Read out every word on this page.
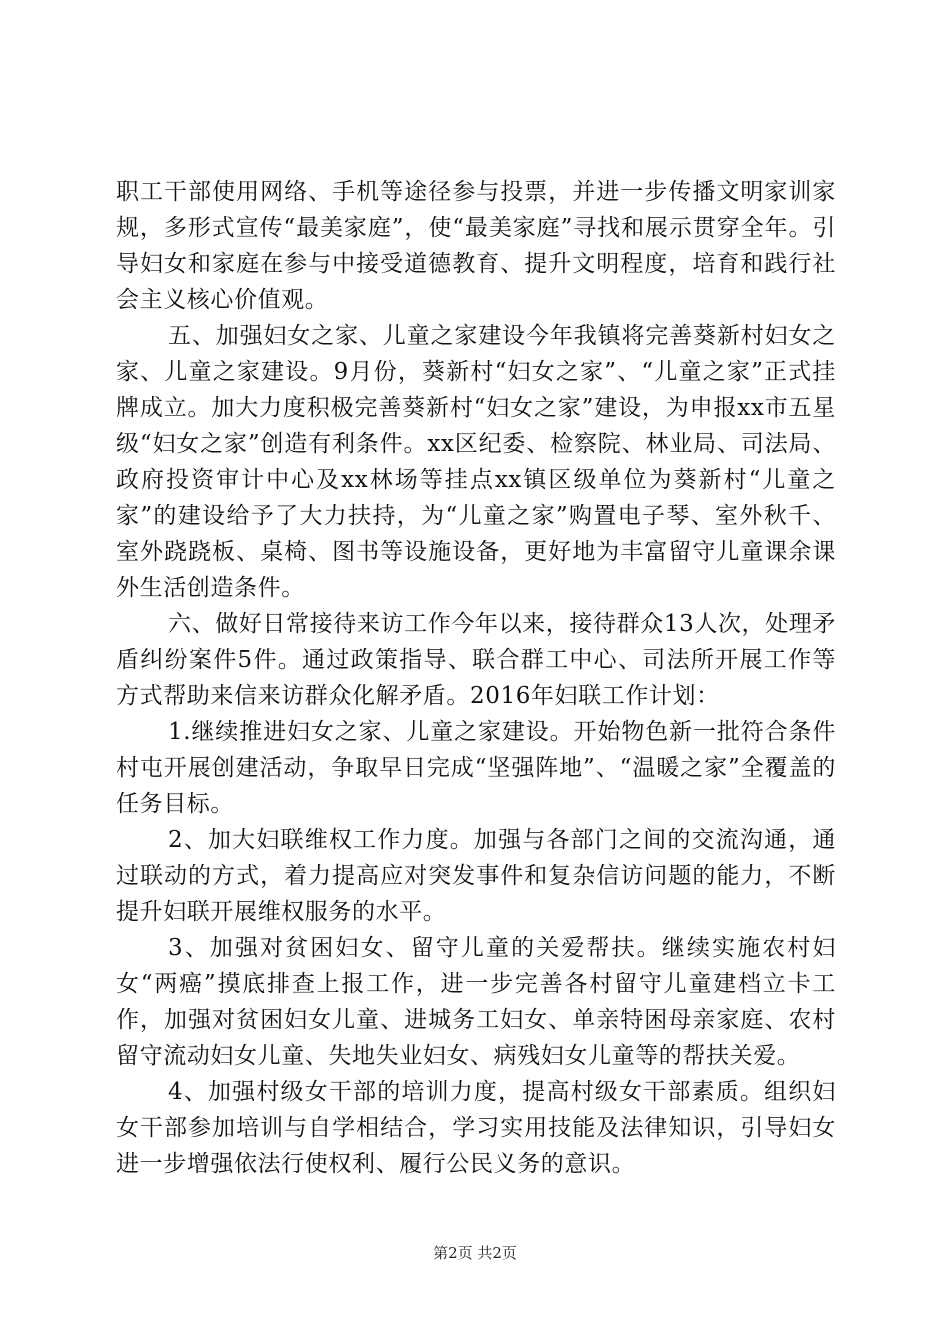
职工干部使用网络、手机等途径参与投票，并进一步传播文明家训家规，多形式宣传“最美家庭”，使“最美家庭”寻找和展示贯穿全年。引导妇女和家庭在参与中接受道德教育、提升文明程度，培育和践行社会主义核心价值观。

五、加强妇女之家、儿童之家建设今年我镇将完善葵新村妇女之家、儿童之家建设。9月份，葵新村“妇女之家”、“儿童之家”正式挂牌成立。加大力度积极完善葵新村“妇女之家”建设，为申报xx市五星级“妇女之家”创造有利条件。xx区纪委、检察院、林业局、司法局、政府投资审计中心及xx林场等挂点xx镇区级单位为葵新村“儿童之家”的建设给予了大力扶持，为“儿童之家”购置电子琴、室外秋千、室外跷跷板、桌椅、图书等设施设备，更好地为丰富留守儿童课余课外生活创造条件。

六、做好日常接待来访工作今年以来，接待群众13人次，处理矛盾纠纷案件5件。通过政策指导、联合群工中心、司法所开展工作等方式帮助来信来访群众化解矛盾。2016年妇联工作计划：

1.继续推进妇女之家、儿童之家建设。开始物色新一批符合条件村屯开展创建活动，争取早日完成“坚强阵地”、“温暖之家”全覆盖的任务目标。

2、加大妇联维权工作力度。加强与各部门之间的交流沟通，通过联动的方式，着力提高应对突发事件和复杂信访问题的能力，不断提升妇联开展维权服务的水平。

3、加强对贫困妇女、留守儿童的关爱帮扶。继续实施农村妇女“两癌”摸底排查上报工作，进一步完善各村留守儿童建档立卡工作，加强对贫困妇女儿童、进城务工妇女、单亲特困母亲家庭、农村留守流动妇女儿童、失地失业妇女、病残妇女儿童等的帮扶关爱。

4、加强村级女干部的培训力度，提高村级女干部素质。组织妇女干部参加培训与自学相结合，学习实用技能及法律知识，引导妇女进一步增强依法行使权利、履行公民义务的意识。

第2页 共2页
